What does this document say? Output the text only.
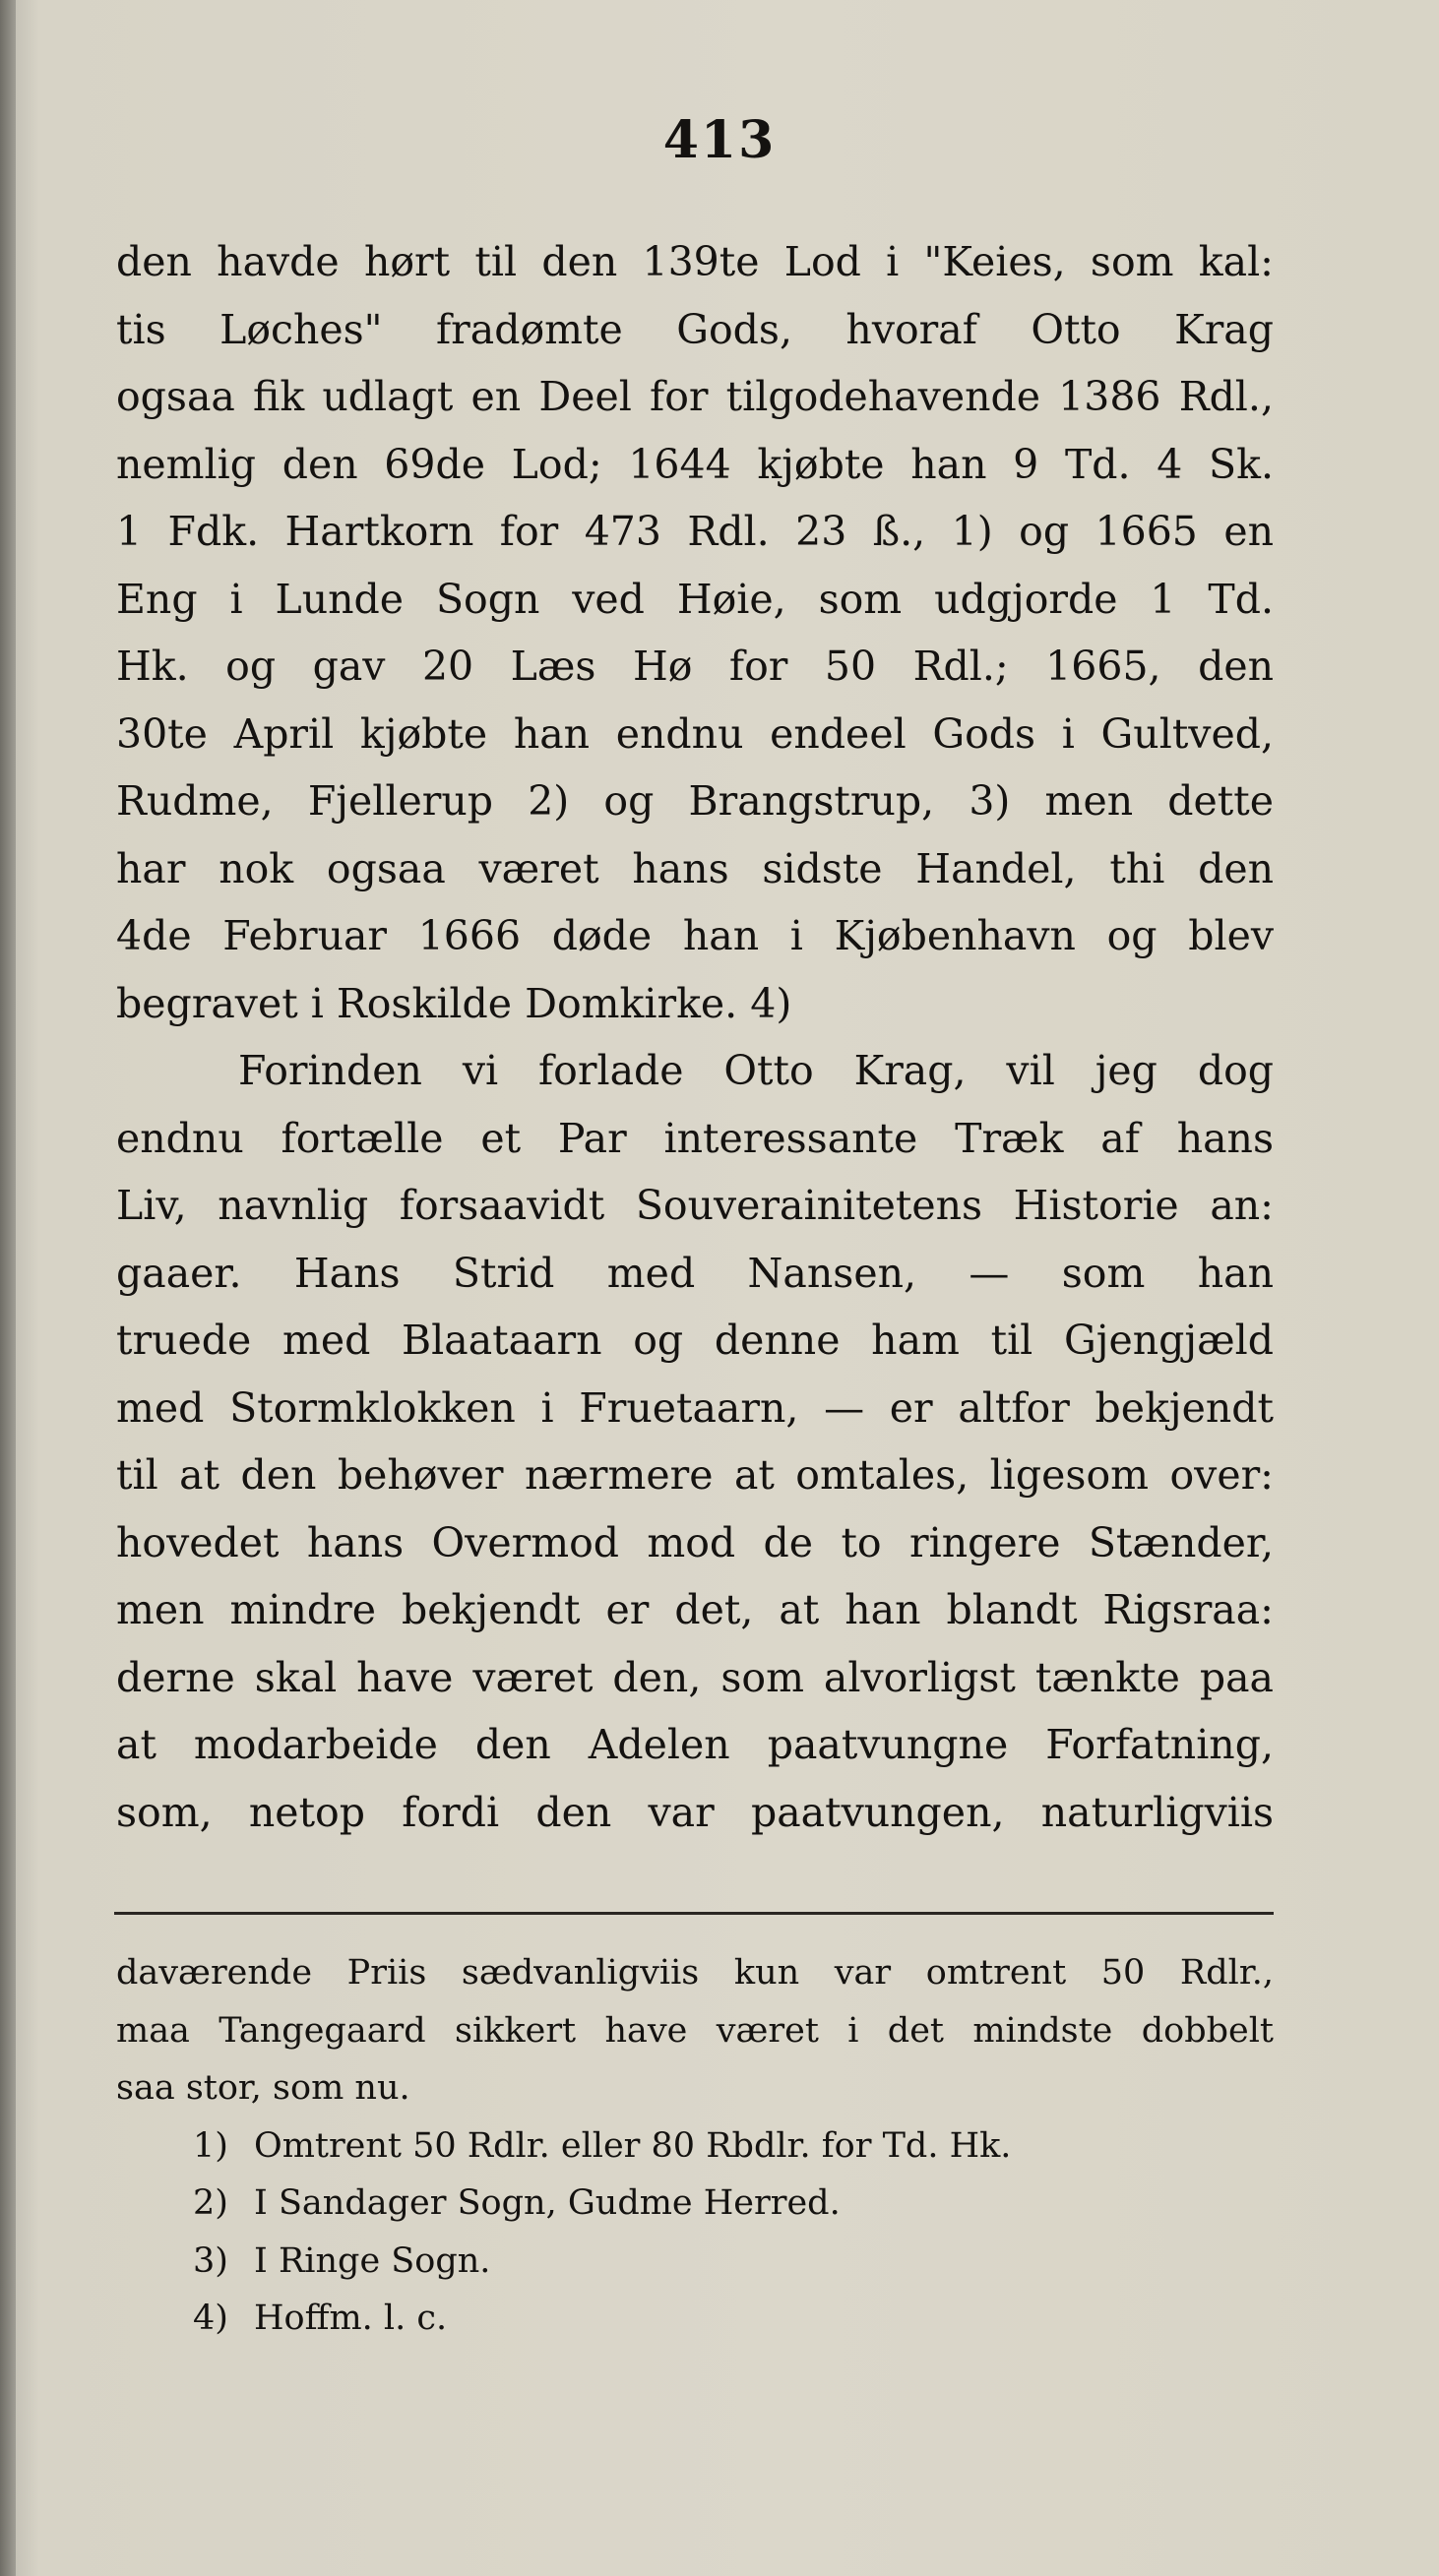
413
den havde hørt til den 139te Lod i "Keies, som kal:
tis Løches" fradømte Gods, hvoraf Otto Krag
ogsaa fik udlagt en Deel for tilgodehavende 1386 Rdl.,
nemlig den 69de Lod; 1644 kjøbte han 9 Td. 4 Sk.
1 Fdk. Hartkorn for 473 Rdl. 23 ß., 1) og 1665 en
Eng i Lunde Sogn ved Høie, som udgjorde 1 Td.
Hk. og gav 20 Læs Hø for 50 Rdl.; 1665, den
30te April kjøbte han endnu endeel Gods i Gultved,
Rudme, Fjellerup 2) og Brangstrup, 3) men dette
har nok ogsaa været hans sidste Handel, thi den
4de Februar 1666 døde han i Kjøbenhavn og blev
begravet i Roskilde Domkirke. 4)
Forinden vi forlade Otto Krag, vil jeg dog
endnu fortælle et Par interessante Træk af hans
Liv, navnlig forsaavidt Souverainitetens Historie an:
gaaer. Hans Strid med Nansen, — som han
truede med Blaataarn og denne ham til Gjengjæld
med Stormklokken i Fruetaarn, — er altfor bekjendt
til at den behøver nærmere at omtales, ligesom over:
hovedet hans Overmod mod de to ringere Stænder,
men mindre bekjendt er det, at han blandt Rigsraa:
derne skal have været den, som alvorligst tænkte paa
at modarbeide den Adelen paatvungne Forfatning,
som, netop fordi den var paatvungen, naturligviis
daværende Priis sædvanligviis kun var omtrent 50 Rdlr.,
maa Tangegaard sikkert have været i det mindste dobbelt
saa stor, som nu.
1) Omtrent 50 Rdlr. eller 80 Rbdlr. for Td. Hk.
2) I Sandager Sogn, Gudme Herred.
3) I Ringe Sogn.
4) Hoffm. l. c.
